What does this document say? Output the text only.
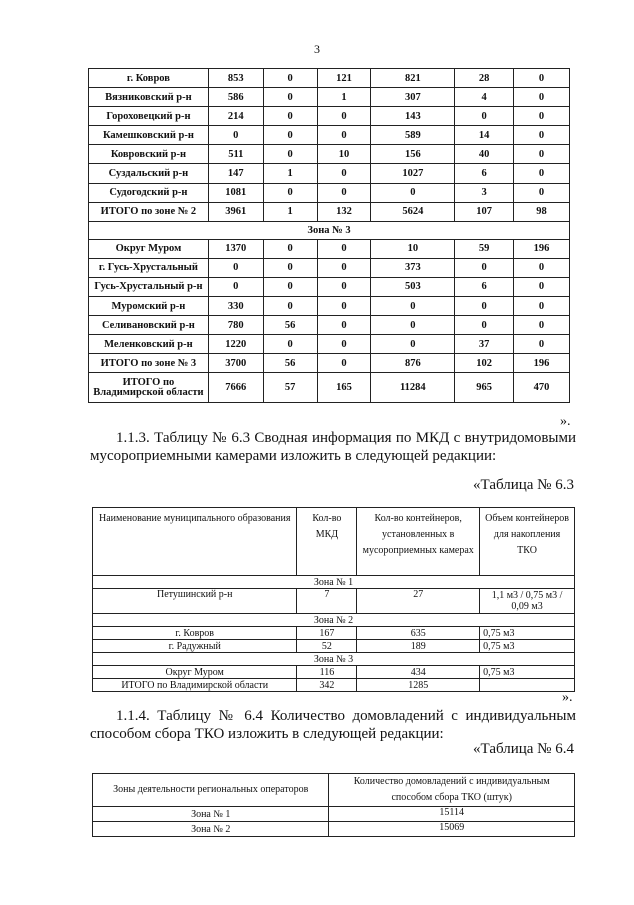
3
г. Ковров	853	0	121	821	28	0
Вязниковский р-н	586	0	1	307	4	0
Гороховецкий р-н	214	0	0	143	0	0
Камешковский р-н	0	0	0	589	14	0
Ковровский р-н	511	0	10	156	40	0
Суздальский р-н	147	1	0	1027	6	0
Судогодский р-н	1081	0	0	0	3	0
ИТОГО по зоне № 2	3961	1	132	5624	107	98
Зона № 3						
Округ Муром	1370	0	0	10	59	196
г. Гусь-Хрустальный	0	0	0	373	0	0
Гусь-Хрустальный р-н	0	0	0	503	6	0
Муромский р-н	330	0	0	0	0	0
Селивановский р-н	780	56	0	0	0	0
Меленковский р-н	1220	0	0	0	37	0
ИТОГО по зоне № 3	3700	56	0	876	102	196
ИТОГО по Владимирской области	7666	57	165	11284	965	470
».
1.1.3. Таблицу № 6.3 Сводная информация по МКД с внутридомовыми мусороприемными камерами изложить в следующей редакции:
«Таблица № 6.3
Наименование муниципального образования	Кол-во МКД	Кол-во контейнеров, установленных в мусороприемных камерах	Объем контейнеров для накопления ТКО
Зона № 1			
Петушинский р-н	7	27	1,1 м3 / 0,75 м3 / 0,09 м3
Зона № 2			
г. Ковров	167	635	0,75 м3
г. Радужный	52	189	0,75 м3
Зона № 3			
Округ Муром	116	434	0,75 м3
ИТОГО по Владимирской области	342	1285	
».
1.1.4. Таблицу № 6.4 Количество домовладений с индивидуальным способом сбора ТКО изложить в следующей редакции:
«Таблица № 6.4
Зоны деятельности региональных операторов	Количество домовладений с индивидуальным способом сбора ТКО (штук)
Зона № 1	15114
Зона № 2	15069
